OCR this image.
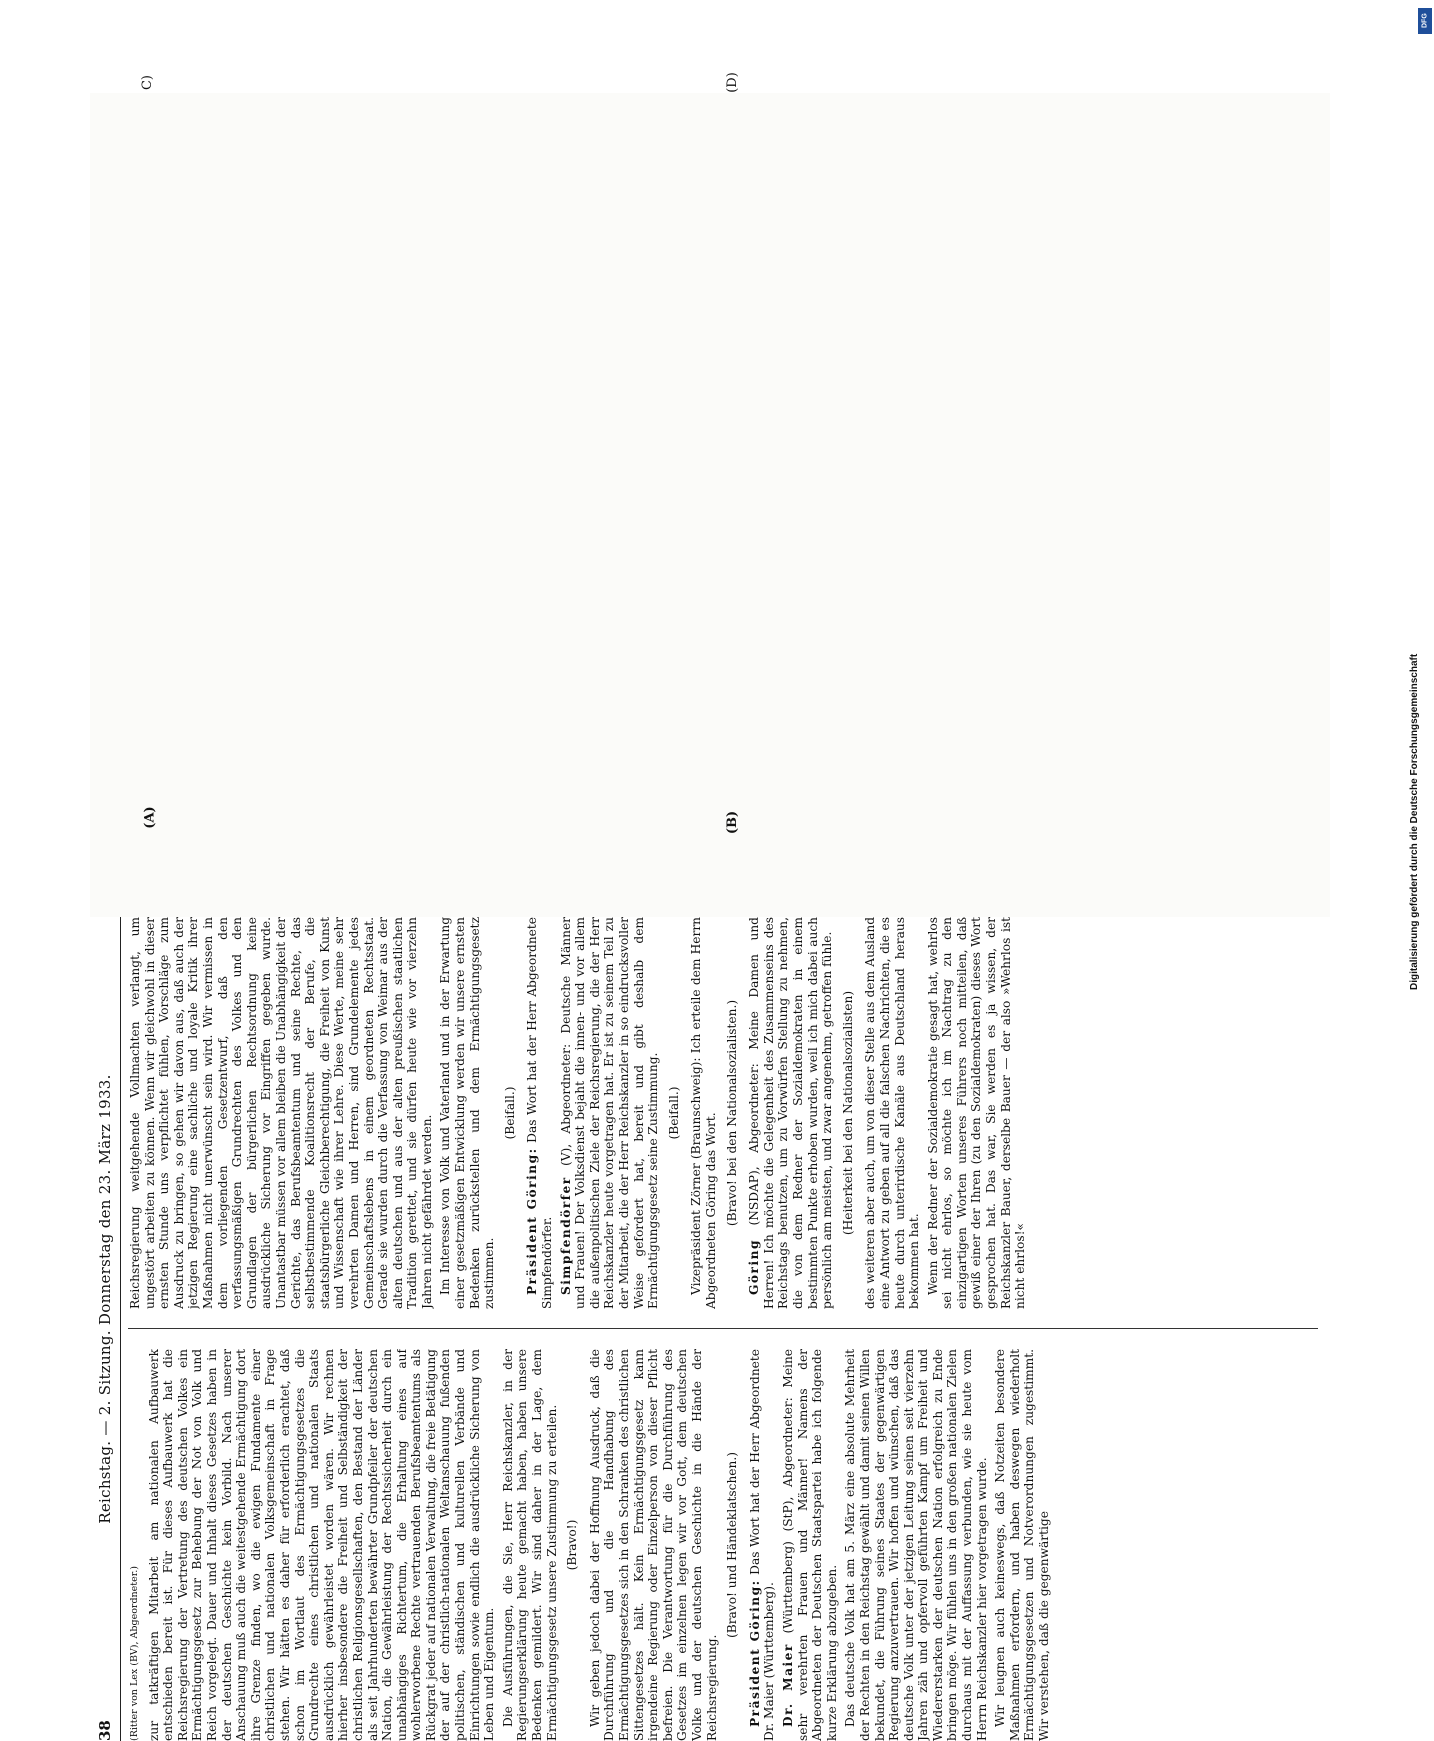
38
Reichstag. — 2. Sitzung. Donnerstag den 23. März 1933.

(Ritter von Lex (BV), Abgeordneter.) zur tatkräftigen Mitarbeit am nationalen Aufbauwerk entschieden bereit ist. Für dieses Aufbauwerk hat die Reichsregierung der Vertretung des deutschen Volkes ein Ermächtigungsgesetz zur Behebung der Not von Volk und Reich vorgelegt. Dauer und Inhalt dieses Gesetzes haben in der deutschen Geschichte kein Vorbild. Nach unserer Anschauung muß auch die weitestgehende Ermächtigung dort ihre Grenze finden, wo die ewigen Fundamente einer christlichen und nationalen Volksgemeinschaft in Frage stehen. Wir hätten es daher für erforderlich erachtet, daß schon im Wortlaut des Ermächtigungsgesetzes die Grundrechte eines christlichen und nationalen Staats ausdrücklich gewährleistet worden wären. Wir rechnen hierher insbesondere die Freiheit und Selbständigkeit der christlichen Religionsgesellschaften, den Bestand der Länder als seit Jahrhunderten bewährter Grundpfeiler der deutschen Nation, die Gewährleistung der Rechtssicherheit durch ein unabhängiges Richtertum, die Erhaltung eines auf wohlerworbene Rechte vertrauenden Berufsbeamtentums als Rückgrat jeder auf nationalen Verwaltung, die freie Betätigung der auf der christlich-nationalen Weltanschauung fußenden politischen, ständischen und kulturellen Verbände und Einrichtungen sowie endlich die ausdrückliche Sicherung von Leben und Eigentum. Die Ausführungen, die Sie, Herr Reichskanzler, in der Regierungserklärung heute gemacht haben, haben unsere Bedenken gemildert. Wir sind daher in der Lage, dem Ermächtigungsgesetz unsere Zustimmung zu erteilen. (Bravo!) Wir geben jedoch dabei der Hoffnung Ausdruck, daß die Durchführung und die Handhabung des Ermächtigungsgesetzes sich in den Schranken des christlichen Sittengesetzes hält. Kein Ermächtigungsgesetz kann irgendeine Regierung oder Einzelperson von dieser Pflicht befreien. Die Verantwortung für die Durchführung des Gesetzes im einzelnen legen wir vor Gott, dem deutschen Volke und der deutschen Geschichte in die Hände der Reichsregierung.

(Bravo! und Händeklatschen.)

Präsident Göring: Das Wort hat der Herr Abgeordnete Dr. Maier (Württemberg). Dr. Maier (Württemberg) (StP), Abgeordneter: Meine sehr verehrten Frauen und Männer! Namens der Abgeordneten der Deutschen Staatspartei habe ich folgende kurze Erklärung abzugeben. Das deutsche Volk hat am 5. März eine absolute Mehrheit der Rechten in den Reichstag gewählt und damit seinen Willen bekundet, die Führung seines Staates der gegenwärtigen Regierung anzuvertrauen. Wir hoffen und wünschen, daß das deutsche Volk unter der jetzigen Leitung seinen seit vierzehn Jahren zäh und opfervoll geführten Kampf um Freiheit und Wiedererstarken der deutschen Nation erfolgreich zu Ende bringen möge. Wir fühlen uns in den großen nationalen Zielen durchaus mit der Auffassung verbunden, wie sie heute vom Herrn Reichskanzler hier vorgetragen wurde. Wir leugnen auch keineswegs, daß Notzeiten besondere Maßnahmen erfordern, und haben deswegen wiederholt Ermächtigungsgesetzen und Notverordnungen zugestimmt. Wir verstehen, daß die gegenwärtige

Reichsregierung weitgehende Vollmachten verlangt, um ungestört arbeiten zu können. Wenn wir gleichwohl in dieser ernsten Stunde uns verpflichtet fühlen, Vorschläge zum Ausdruck zu bringen, so gehen wir davon aus, daß auch der jetzigen Regierung eine sachliche und loyale Kritik ihrer Maßnahmen nicht unerwünscht sein wird. Wir vermissen in dem vorliegenden Gesetzentwurf, daß den verfassungsmäßigen Grundrechten des Volkes und den Grundlagen der bürgerlichen Rechtsordnung keine ausdrückliche Sicherung vor Eingriffen gegeben wurde. Unantastbar müssen vor allem bleiben die Unabhängigkeit der Gerichte, das Berufsbeamtentum und seine Rechte, das selbstbestimmende Koalitionsrecht der Berufe, die staatsbürgerliche Gleichberechtigung, die Freiheit von Kunst und Wissenschaft wie ihrer Lehre. Diese Werte, meine sehr verehrten Damen und Herren, sind Grundelemente jedes Gemeinschaftslebens in einem geordneten Rechtsstaat. Gerade sie wurden durch die Verfassung von Weimar aus der alten deutschen und aus der alten preußischen staatlichen Tradition gerettet, und sie dürfen heute wie vor vierzehn Jahren nicht gefährdet werden. Im Interesse von Volk und Vaterland und in der Erwartung einer gesetzmäßigen Entwicklung werden wir unsere ernsten Bedenken zurückstellen und dem Ermächtigungsgesetz zustimmen.

(Beifall.)

Präsident Göring: Das Wort hat der Herr Abgeordnete Simpfendörfer. Simpfendörfer (V), Abgeordneter: Deutsche Männer und Frauen! Der Volksdienst bejaht die innen- und vor allem die außenpolitischen Ziele der Reichsregierung, die der Herr Reichskanzler heute vorgetragen hat. Er ist zu seinem Teil zu der Mitarbeit, die der Herr Reichskanzler in so eindrucksvoller Weise gefordert hat, bereit und gibt deshalb dem Ermächtigungsgesetz seine Zustimmung. (Beifall.) Vizepräsident Zörner (Braunschweig): Ich erteile dem Herrn Abgeordneten Göring das Wort. (Bravo! bei den Nationalsozialisten.)

Göring (NSDAP), Abgeordneter: Meine Damen und Herren! Ich möchte die Gelegenheit des Zusammenseins des Reichstags benutzen, um zu Vorwürfen Stellung zu nehmen, die von dem Redner der Sozialdemokraten in einem bestimmten Punkte erhoben wurden, weil ich mich dabei auch persönlich am meisten, und zwar angenehm, getroffen fühle. (Heiterkeit bei den Nationalsozialisten) des weiteren aber auch, um von dieser Stelle aus dem Ausland eine Antwort zu geben auf all die falschen Nachrichten, die es heute durch unterirdische Kanäle aus Deutschland heraus bekommen hat. Wenn der Redner der Sozialdemokratie gesagt hat, wehrlos sei nicht ehrlos, so möchte ich im Nachtrag zu den einzigartigen Worten unseres Führers noch mitteilen, daß gewiß einer der Ihren (zu den Sozialdemokraten) dieses Wort gesprochen hat. Das war, Sie werden es ja wissen, der Reichskanzler Bauer, derselbe Bauer — der also »Wehrlos ist nicht ehrlos!«

(A)	(B)
C)	(D)
DFG
Digitalisierung gefördert durch die Deutsche Forschungsgemeinschaft
